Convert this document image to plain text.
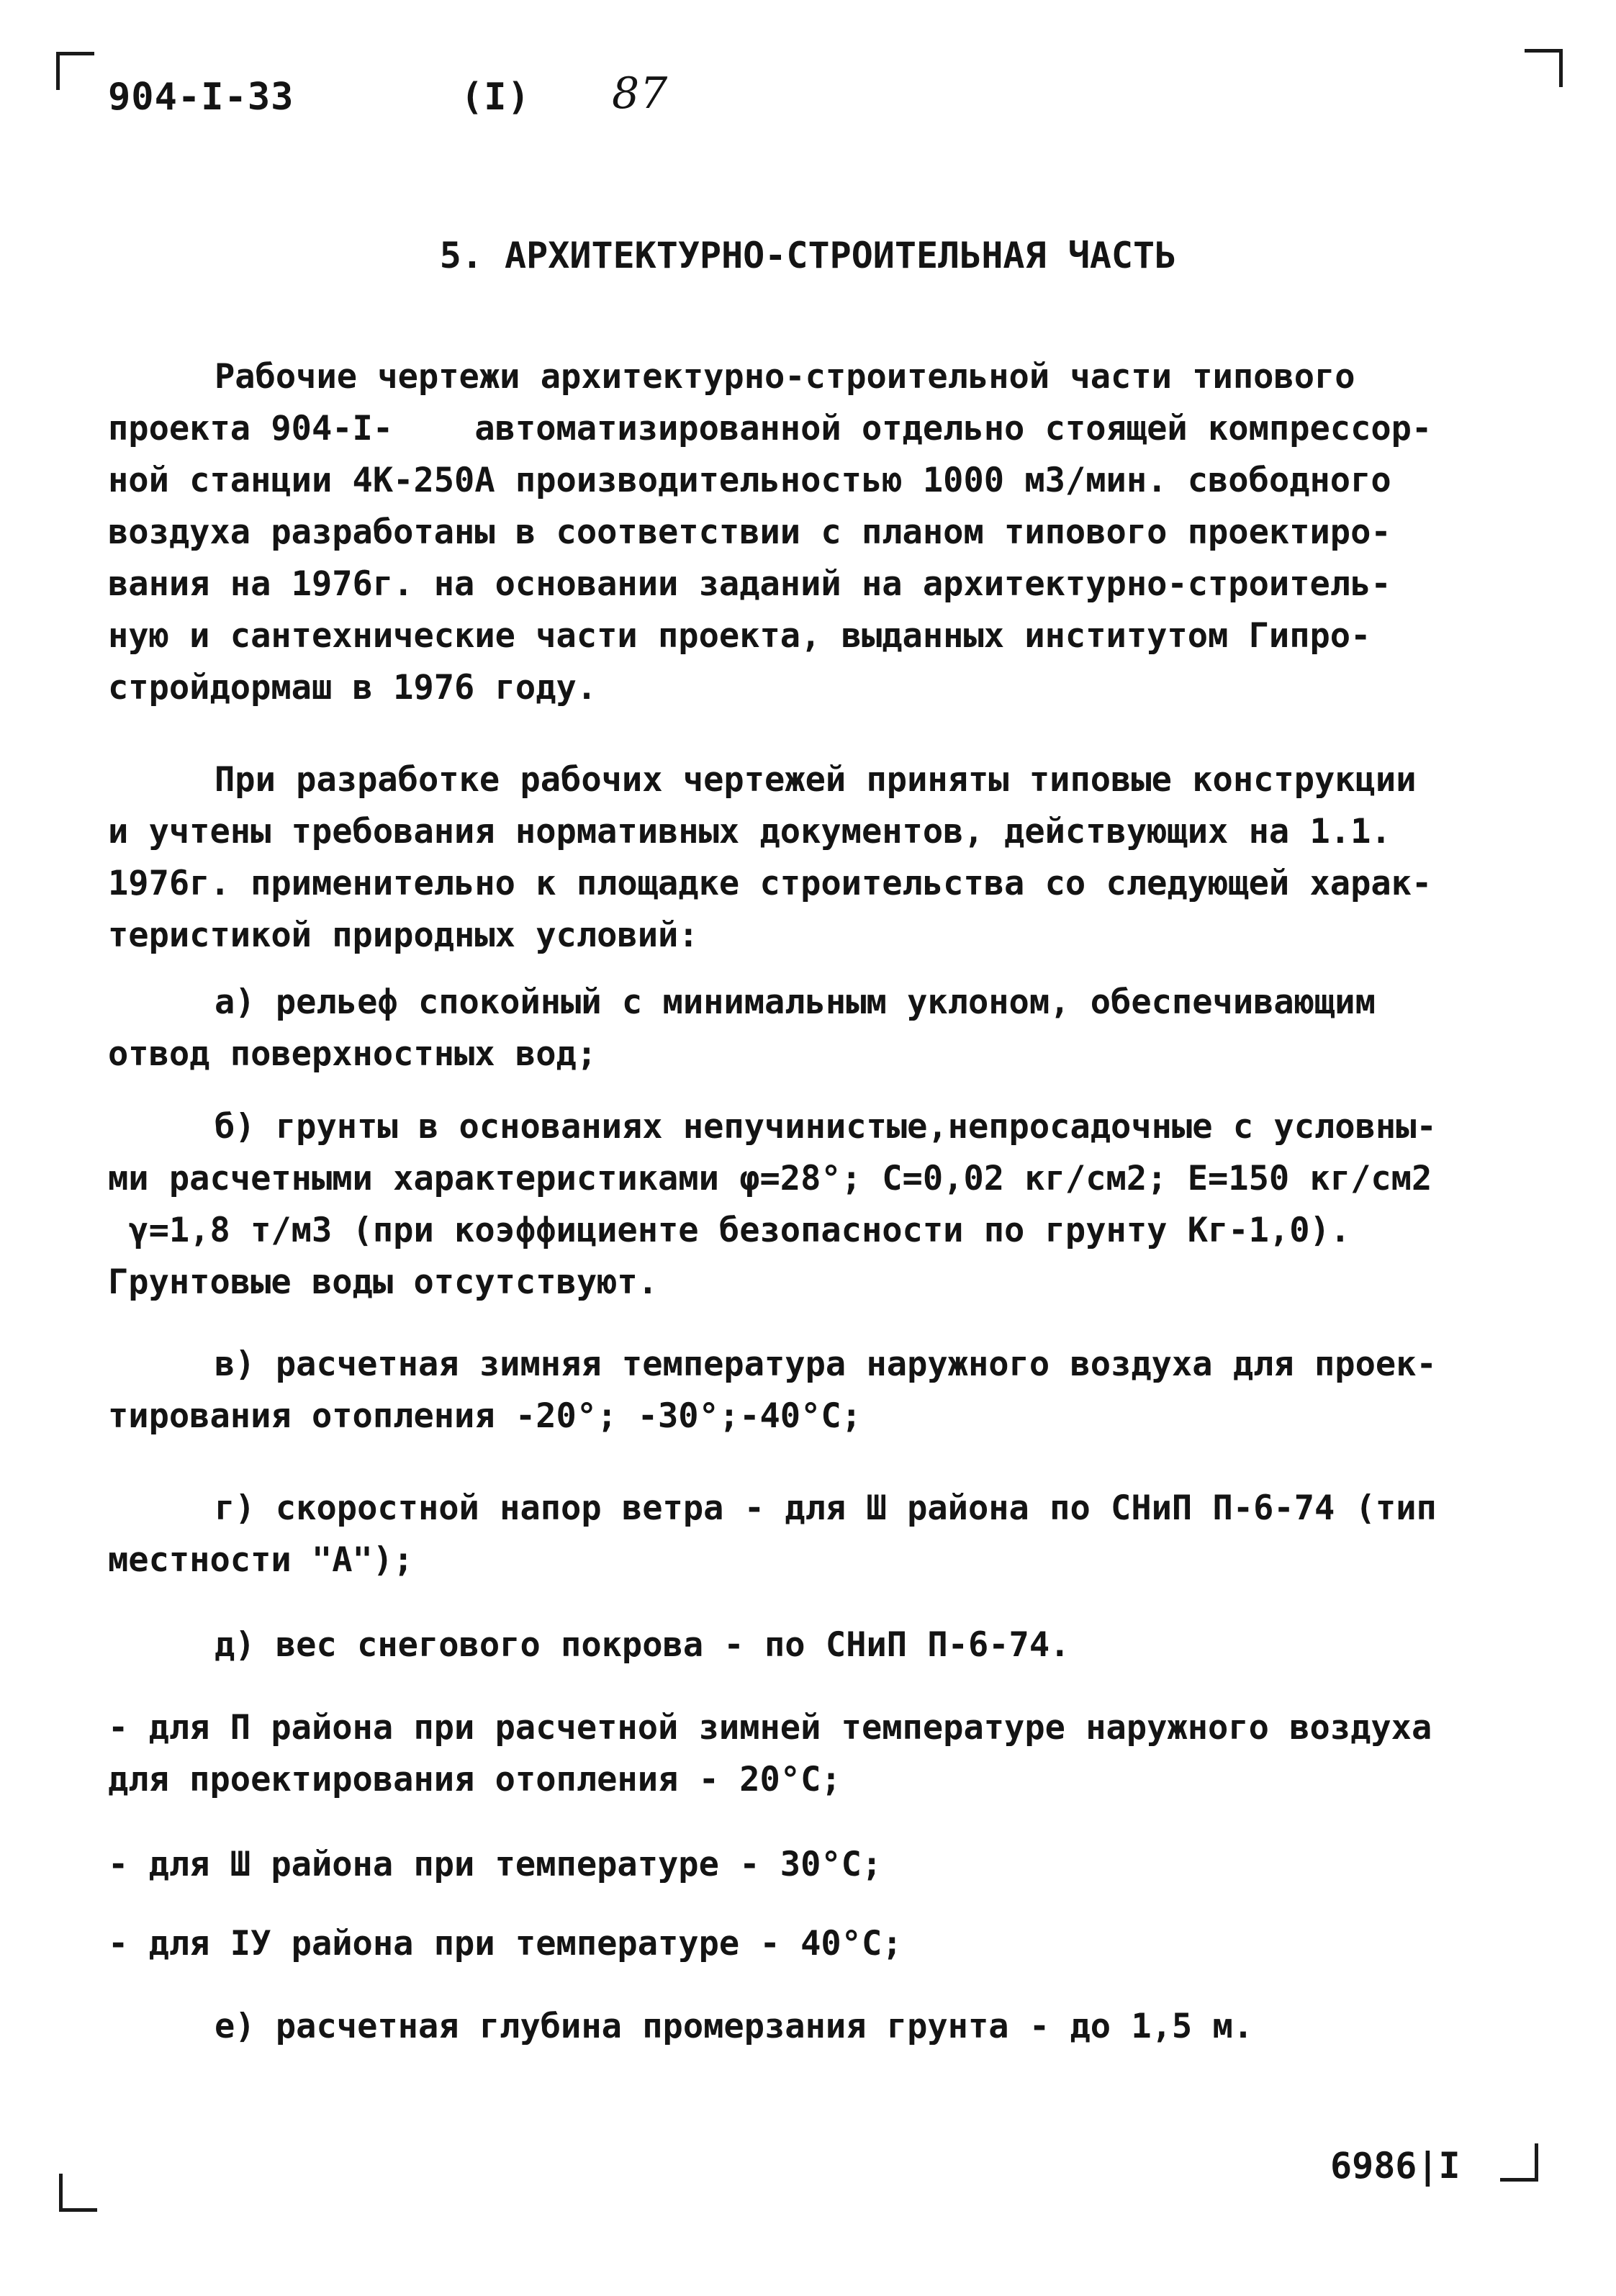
904-I-33	(I) 87
5. АРХИТЕКТУРНО-СТРОИТЕЛЬНАЯ ЧАСТЬ
Рабочие чертежи архитектурно-строительной части типового
проекта 904-I-    автоматизированной отдельно стоящей компрессор-
ной станции 4К-250А производительностью 1000 м3/мин. свободного
воздуха разработаны в соответствии с планом типового проектиро-
вания на 1976г. на основании заданий на архитектурно-строитель-
ную и сантехнические части проекта, выданных институтом Гипро-
стройдормаш в 1976 году.
При разработке рабочих чертежей приняты типовые конструкции
и учтены требования нормативных документов, действующих на 1.1.
1976г. применительно к площадке строительства со следующей харак-
теристикой природных условий:
а) рельеф спокойный с минимальным уклоном, обеспечивающим
отвод поверхностных вод;
б) грунты в основаниях непучинистые,непросадочные с условны-
ми расчетными характеристиками φ=28°; С=0,02 кг/см2; Е=150 кг/см2
γ=1,8 т/м3 (при коэффициенте безопасности по грунту Кг-1,0).
Грунтовые воды отсутствуют.
в) расчетная зимняя температура наружного воздуха для проек-
тирования отопления -20°; -30°;-40°С;
г) скоростной напор ветра - для Ш района по СНиП П-6-74 (тип
местности "А");
д) вес снегового покрова - по СНиП П-6-74.
- для П района при расчетной зимней температуре наружного воздуха
для проектирования отопления - 20°С;
- для Ш района при температуре - 30°С;
- для IУ района при температуре - 40°С;
е) расчетная глубина промерзания грунта - до 1,5 м.
6986|I
